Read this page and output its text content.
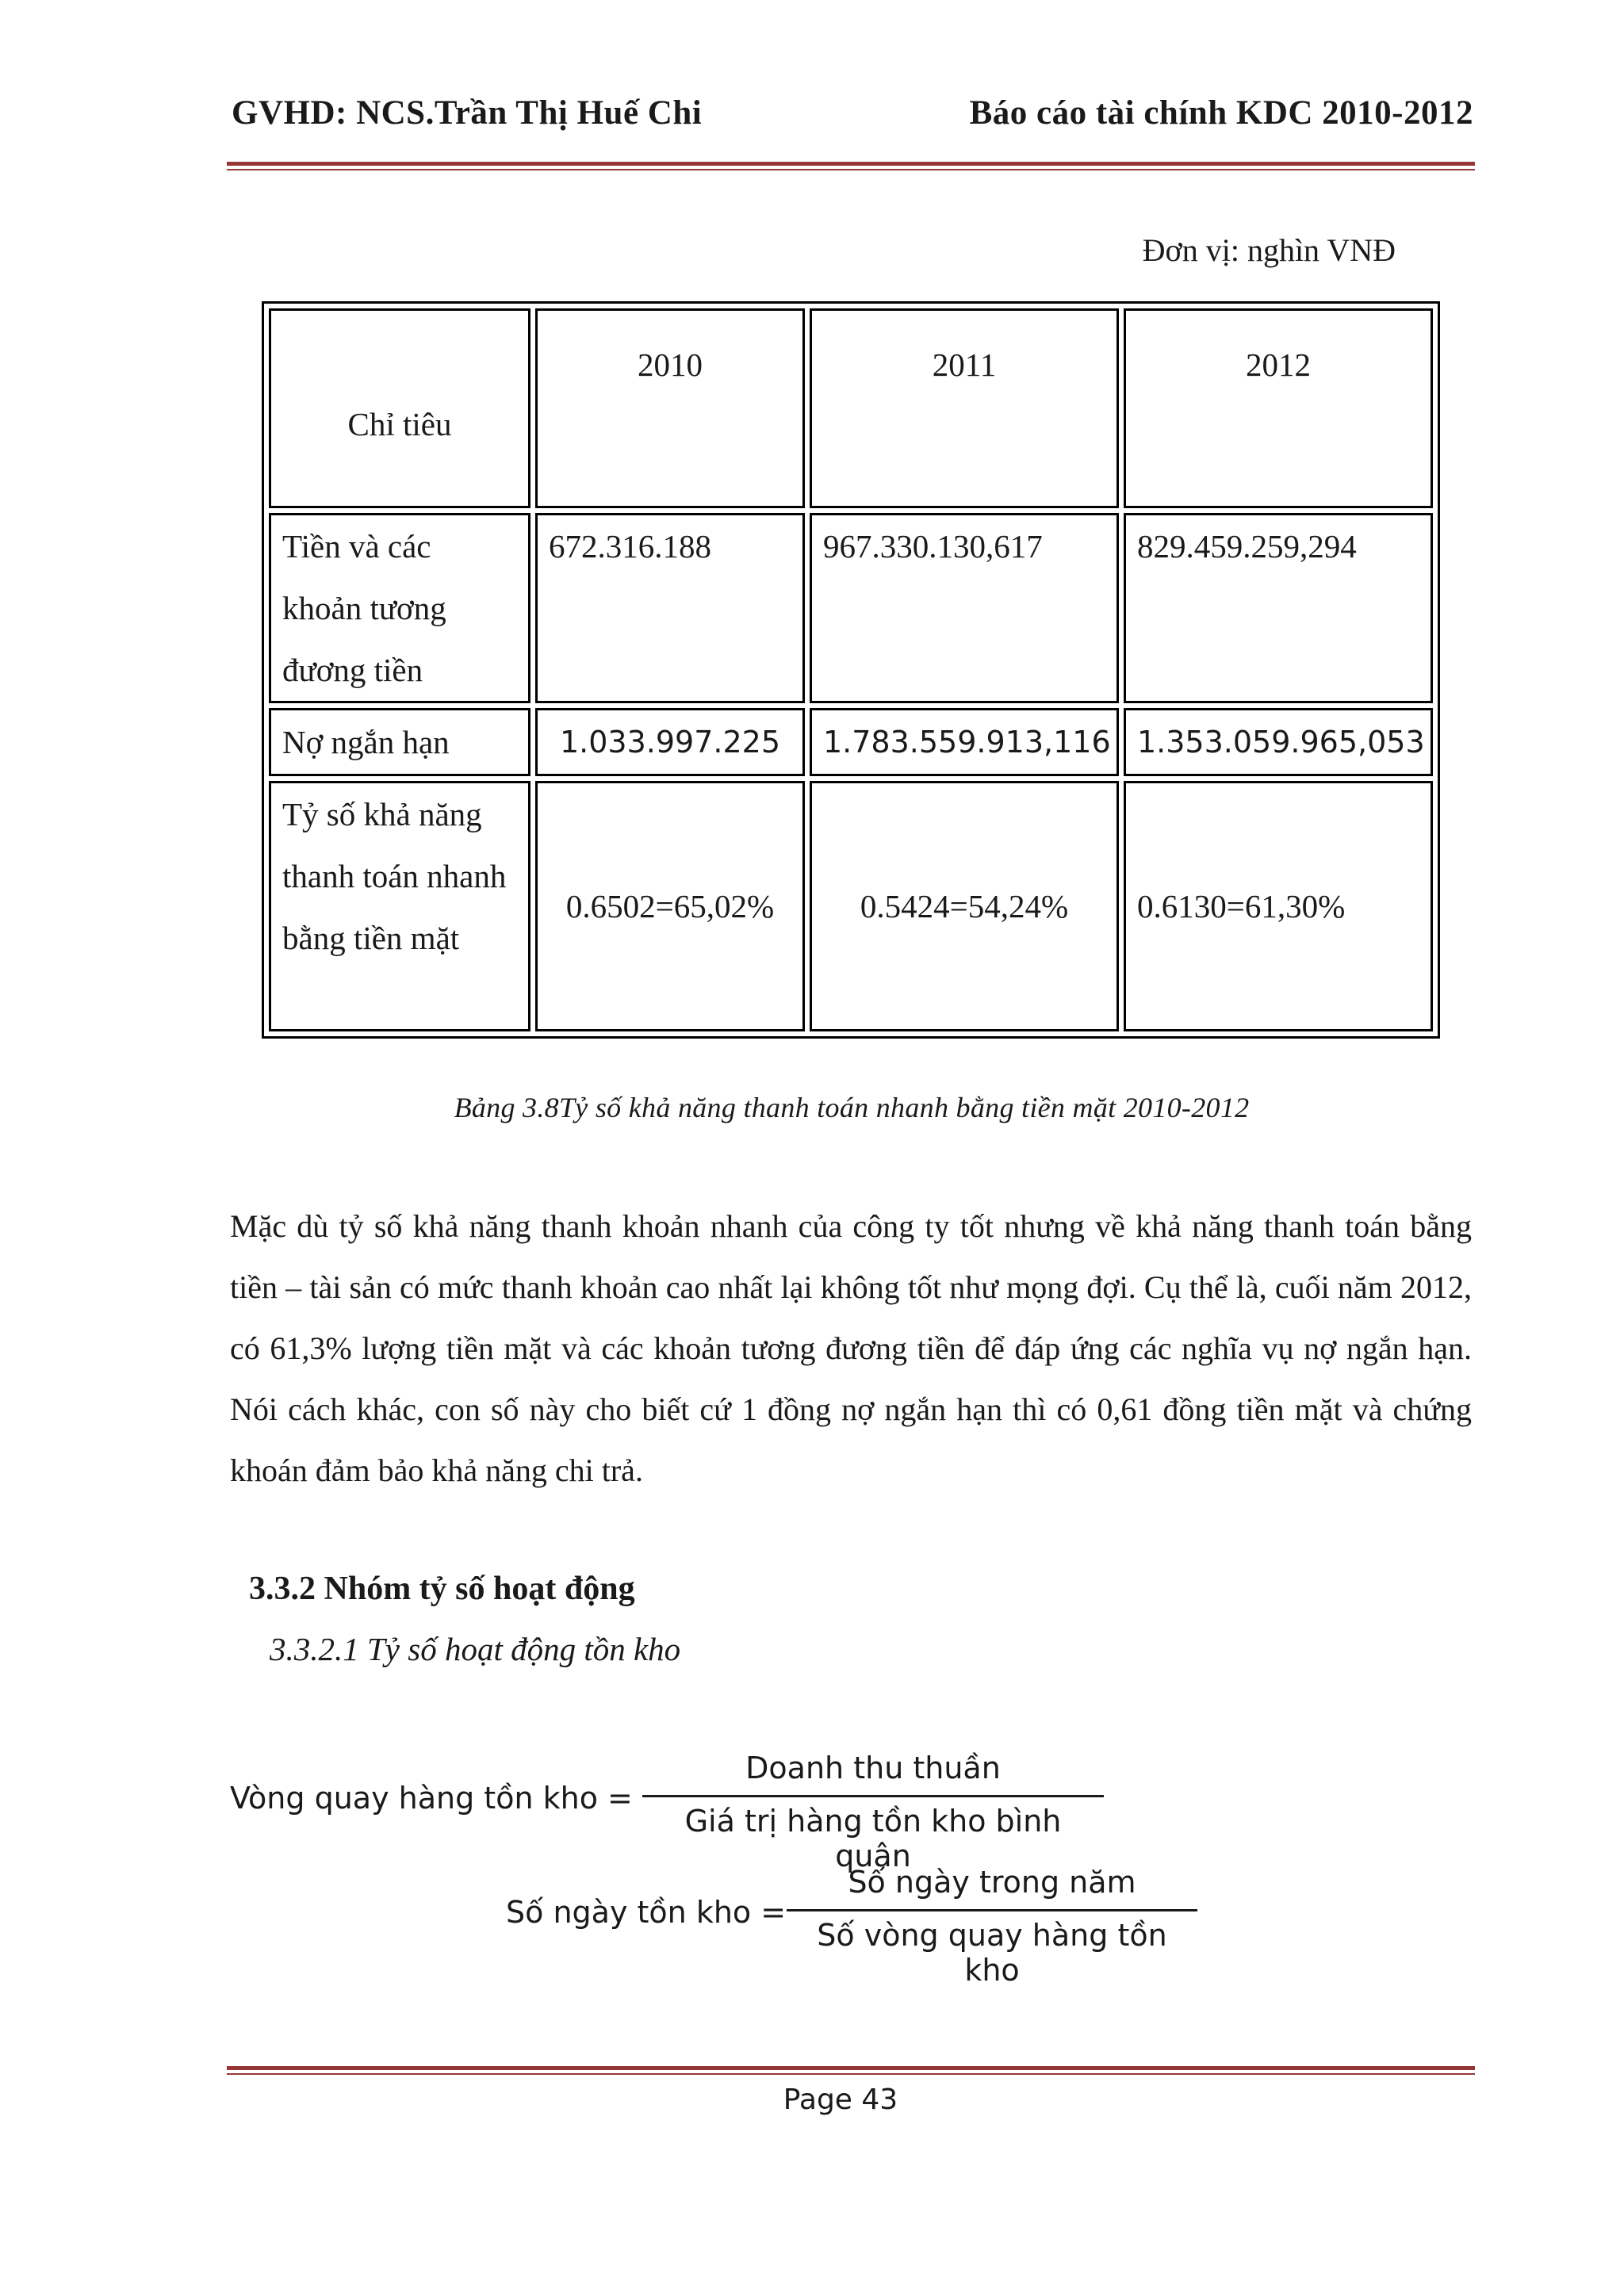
GVHD: NCS.Trần Thị Huế Chi	Báo cáo tài chính KDC 2010-2012
Đơn vị: nghìn VNĐ
Chỉ tiêu	2010	2011	2012

Tiền và các khoản tương đương tiền	672.316.188	967.330.130,617	829.459.259,294
Nợ ngắn hạn	1.033.997.225	1.783.559.913,116	1.353.059.965,053
Tỷ số khả năng thanh toán nhanh bằng tiền mặt	0.6502=65,02%	0.5424=54,24%	0.6130=61,30%
Bảng 3.8Tỷ số khả năng thanh toán nhanh bằng tiền mặt 2010-2012
Mặc dù tỷ số khả năng thanh khoản nhanh của công ty tốt nhưng về khả năng thanh toán bằng tiền – tài sản có mức thanh khoản cao nhất lại không tốt như mọng đợi. Cụ thể là, cuối năm 2012, có 61,3% lượng tiền mặt và các khoản tương đương tiền để đáp ứng các nghĩa vụ nợ ngắn hạn. Nói cách khác, con số này cho biết cứ 1 đồng nợ ngắn hạn thì có 0,61 đồng tiền mặt và chứng khoán đảm bảo khả năng chi trả.
3.3.2 Nhóm tỷ số hoạt động
3.3.2.1 Tỷ số hoạt động tồn kho
Vòng quay hàng tồn kho =
Doanh thu thuần
Giá trị hàng tồn kho bình quân
Số ngày tồn kho =
Số ngày trong năm
Số vòng quay hàng tồn kho
Page 43
